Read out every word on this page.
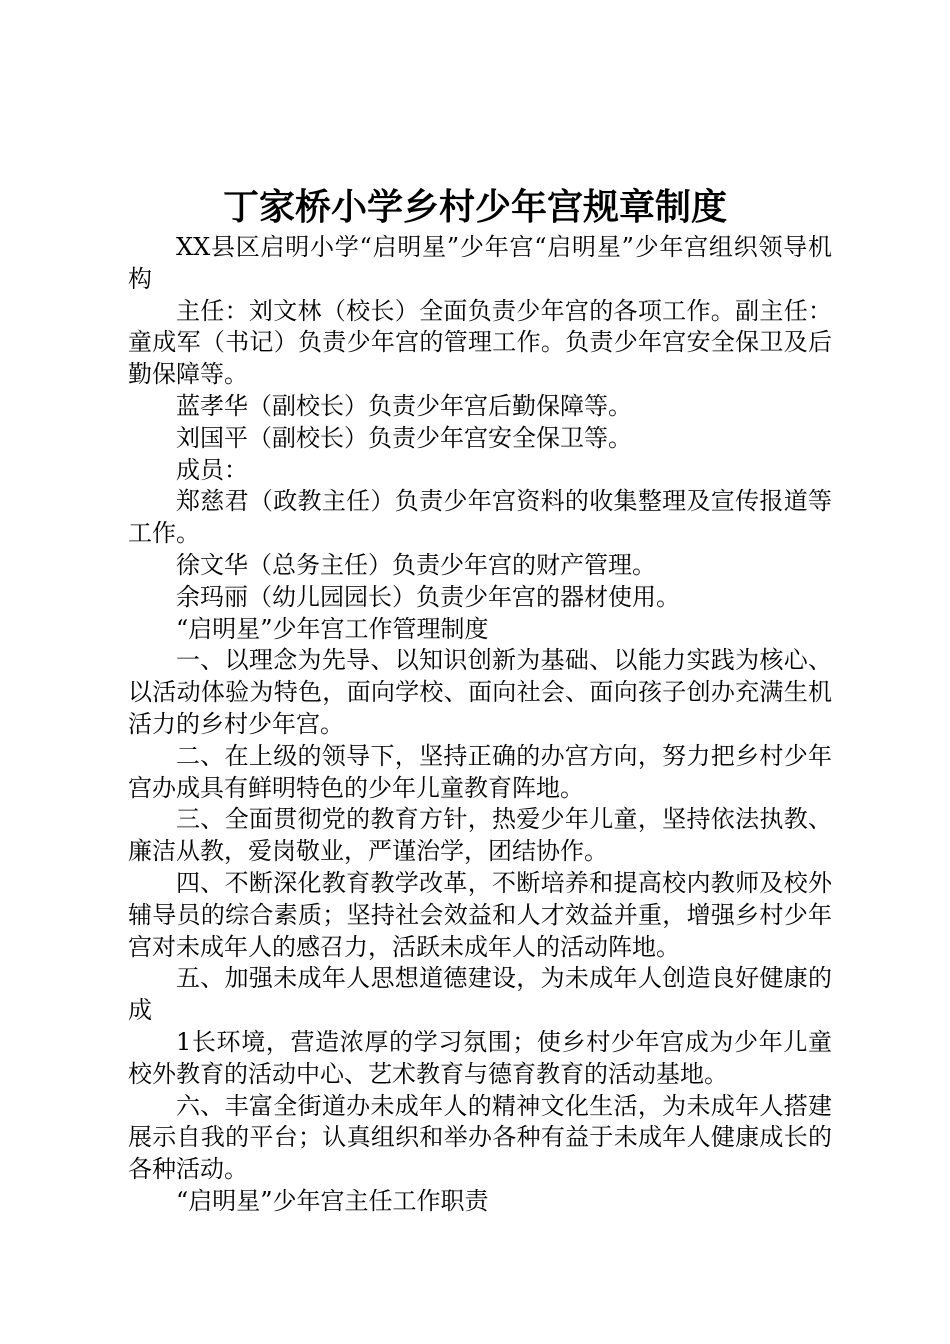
丁家桥小学乡村少年宫规章制度

XX县区启明小学“启明星”少年宫“启明星”少年宫组织领导机构

主任：刘文林（校长）全面负责少年宫的各项工作。副主任：童成军（书记）负责少年宫的管理工作。负责少年宫安全保卫及后勤保障等。

蓝孝华（副校长）负责少年宫后勤保障等。

刘国平（副校长）负责少年宫安全保卫等。

成员：

郑慈君（政教主任）负责少年宫资料的收集整理及宣传报道等工作。

徐文华（总务主任）负责少年宫的财产管理。

余玛丽（幼儿园园长）负责少年宫的器材使用。

“启明星”少年宫工作管理制度

一、以理念为先导、以知识创新为基础、以能力实践为核心、以活动体验为特色，面向学校、面向社会、面向孩子创办充满生机活力的乡村少年宫。

二、在上级的领导下，坚持正确的办宫方向，努力把乡村少年宫办成具有鲜明特色的少年儿童教育阵地。

三、全面贯彻党的教育方针，热爱少年儿童，坚持依法执教、廉洁从教，爱岗敬业，严谨治学，团结协作。

四、不断深化教育教学改革，不断培养和提高校内教师及校外辅导员的综合素质；坚持社会效益和人才效益并重，增强乡村少年宫对未成年人的感召力，活跃未成年人的活动阵地。

五、加强未成年人思想道德建设，为未成年人创造良好健康的成

1长环境，营造浓厚的学习氛围；使乡村少年宫成为少年儿童校外教育的活动中心、艺术教育与德育教育的活动基地。

六、丰富全街道办未成年人的精神文化生活，为未成年人搭建展示自我的平台；认真组织和举办各种有益于未成年人健康成长的各种活动。

“启明星”少年宫主任工作职责
